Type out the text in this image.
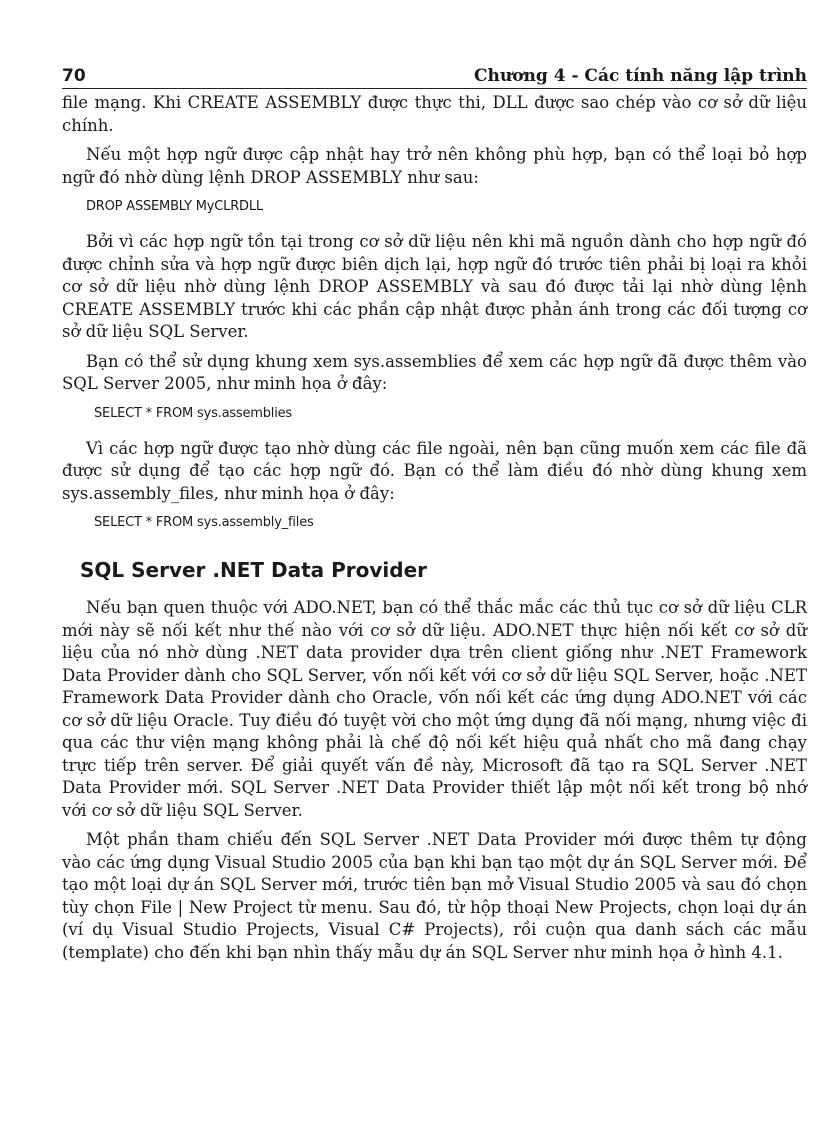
70	Chương 4 - Các tính năng lập trình

file mạng. Khi CREATE ASSEMBLY được thực thi, DLL được sao chép vào cơ sở dữ liệu chính.

Nếu một hợp ngữ được cập nhật hay trở nên không phù hợp, bạn có thể loại bỏ hợp ngữ đó nhờ dùng lệnh DROP ASSEMBLY như sau:

DROP ASSEMBLY MyCLRDLL

Bởi vì các hợp ngữ tồn tại trong cơ sở dữ liệu nên khi mã nguồn dành cho hợp ngữ đó được chỉnh sửa và hợp ngữ được biên dịch lại, hợp ngữ đó trước tiên phải bị loại ra khỏi cơ sở dữ liệu nhờ dùng lệnh DROP ASSEMBLY và sau đó được tải lại nhờ dùng lệnh CREATE ASSEMBLY trước khi các phần cập nhật được phản ánh trong các đối tượng cơ sở dữ liệu SQL Server.

Bạn có thể sử dụng khung xem sys.assemblies để xem các hợp ngữ đã được thêm vào SQL Server 2005, như minh họa ở đây:

SELECT * FROM sys.assemblies

Vì các hợp ngữ được tạo nhờ dùng các file ngoài, nên bạn cũng muốn xem các file đã được sử dụng để tạo các hợp ngữ đó. Bạn có thể làm điều đó nhờ dùng khung xem sys.assembly_files, như minh họa ở đây:

SELECT * FROM sys.assembly_files
SQL Server .NET Data Provider

Nếu bạn quen thuộc với ADO.NET, bạn có thể thắc mắc các thủ tục cơ sở dữ liệu CLR mới này sẽ nối kết như thế nào với cơ sở dữ liệu. ADO.NET thực hiện nối kết cơ sở dữ liệu của nó nhờ dùng .NET data provider dựa trên client giống như .NET Framework Data Provider dành cho SQL Server, vốn nối kết với cơ sở dữ liệu SQL Server, hoặc .NET Framework Data Provider dành cho Oracle, vốn nối kết các ứng dụng ADO.NET với các cơ sở dữ liệu Oracle. Tuy điều đó tuyệt vời cho một ứng dụng đã nối mạng, nhưng việc đi qua các thư viện mạng không phải là chế độ nối kết hiệu quả nhất cho mã đang chạy trực tiếp trên server. Để giải quyết vấn đề này, Microsoft đã tạo ra SQL Server .NET Data Provider mới. SQL Server .NET Data Provider thiết lập một nối kết trong bộ nhớ với cơ sở dữ liệu SQL Server.

Một phần tham chiếu đến SQL Server .NET Data Provider mới được thêm tự động vào các ứng dụng Visual Studio 2005 của bạn khi bạn tạo một dự án SQL Server mới. Để tạo một loại dự án SQL Server mới, trước tiên bạn mở Visual Studio 2005 và sau đó chọn tùy chọn File | New Project từ menu. Sau đó, từ hộp thoại New Projects, chọn loại dự án (ví dụ Visual Studio Projects, Visual C# Projects), rồi cuộn qua danh sách các mẫu (template) cho đến khi bạn nhìn thấy mẫu dự án SQL Server như minh họa ở hình 4.1.
